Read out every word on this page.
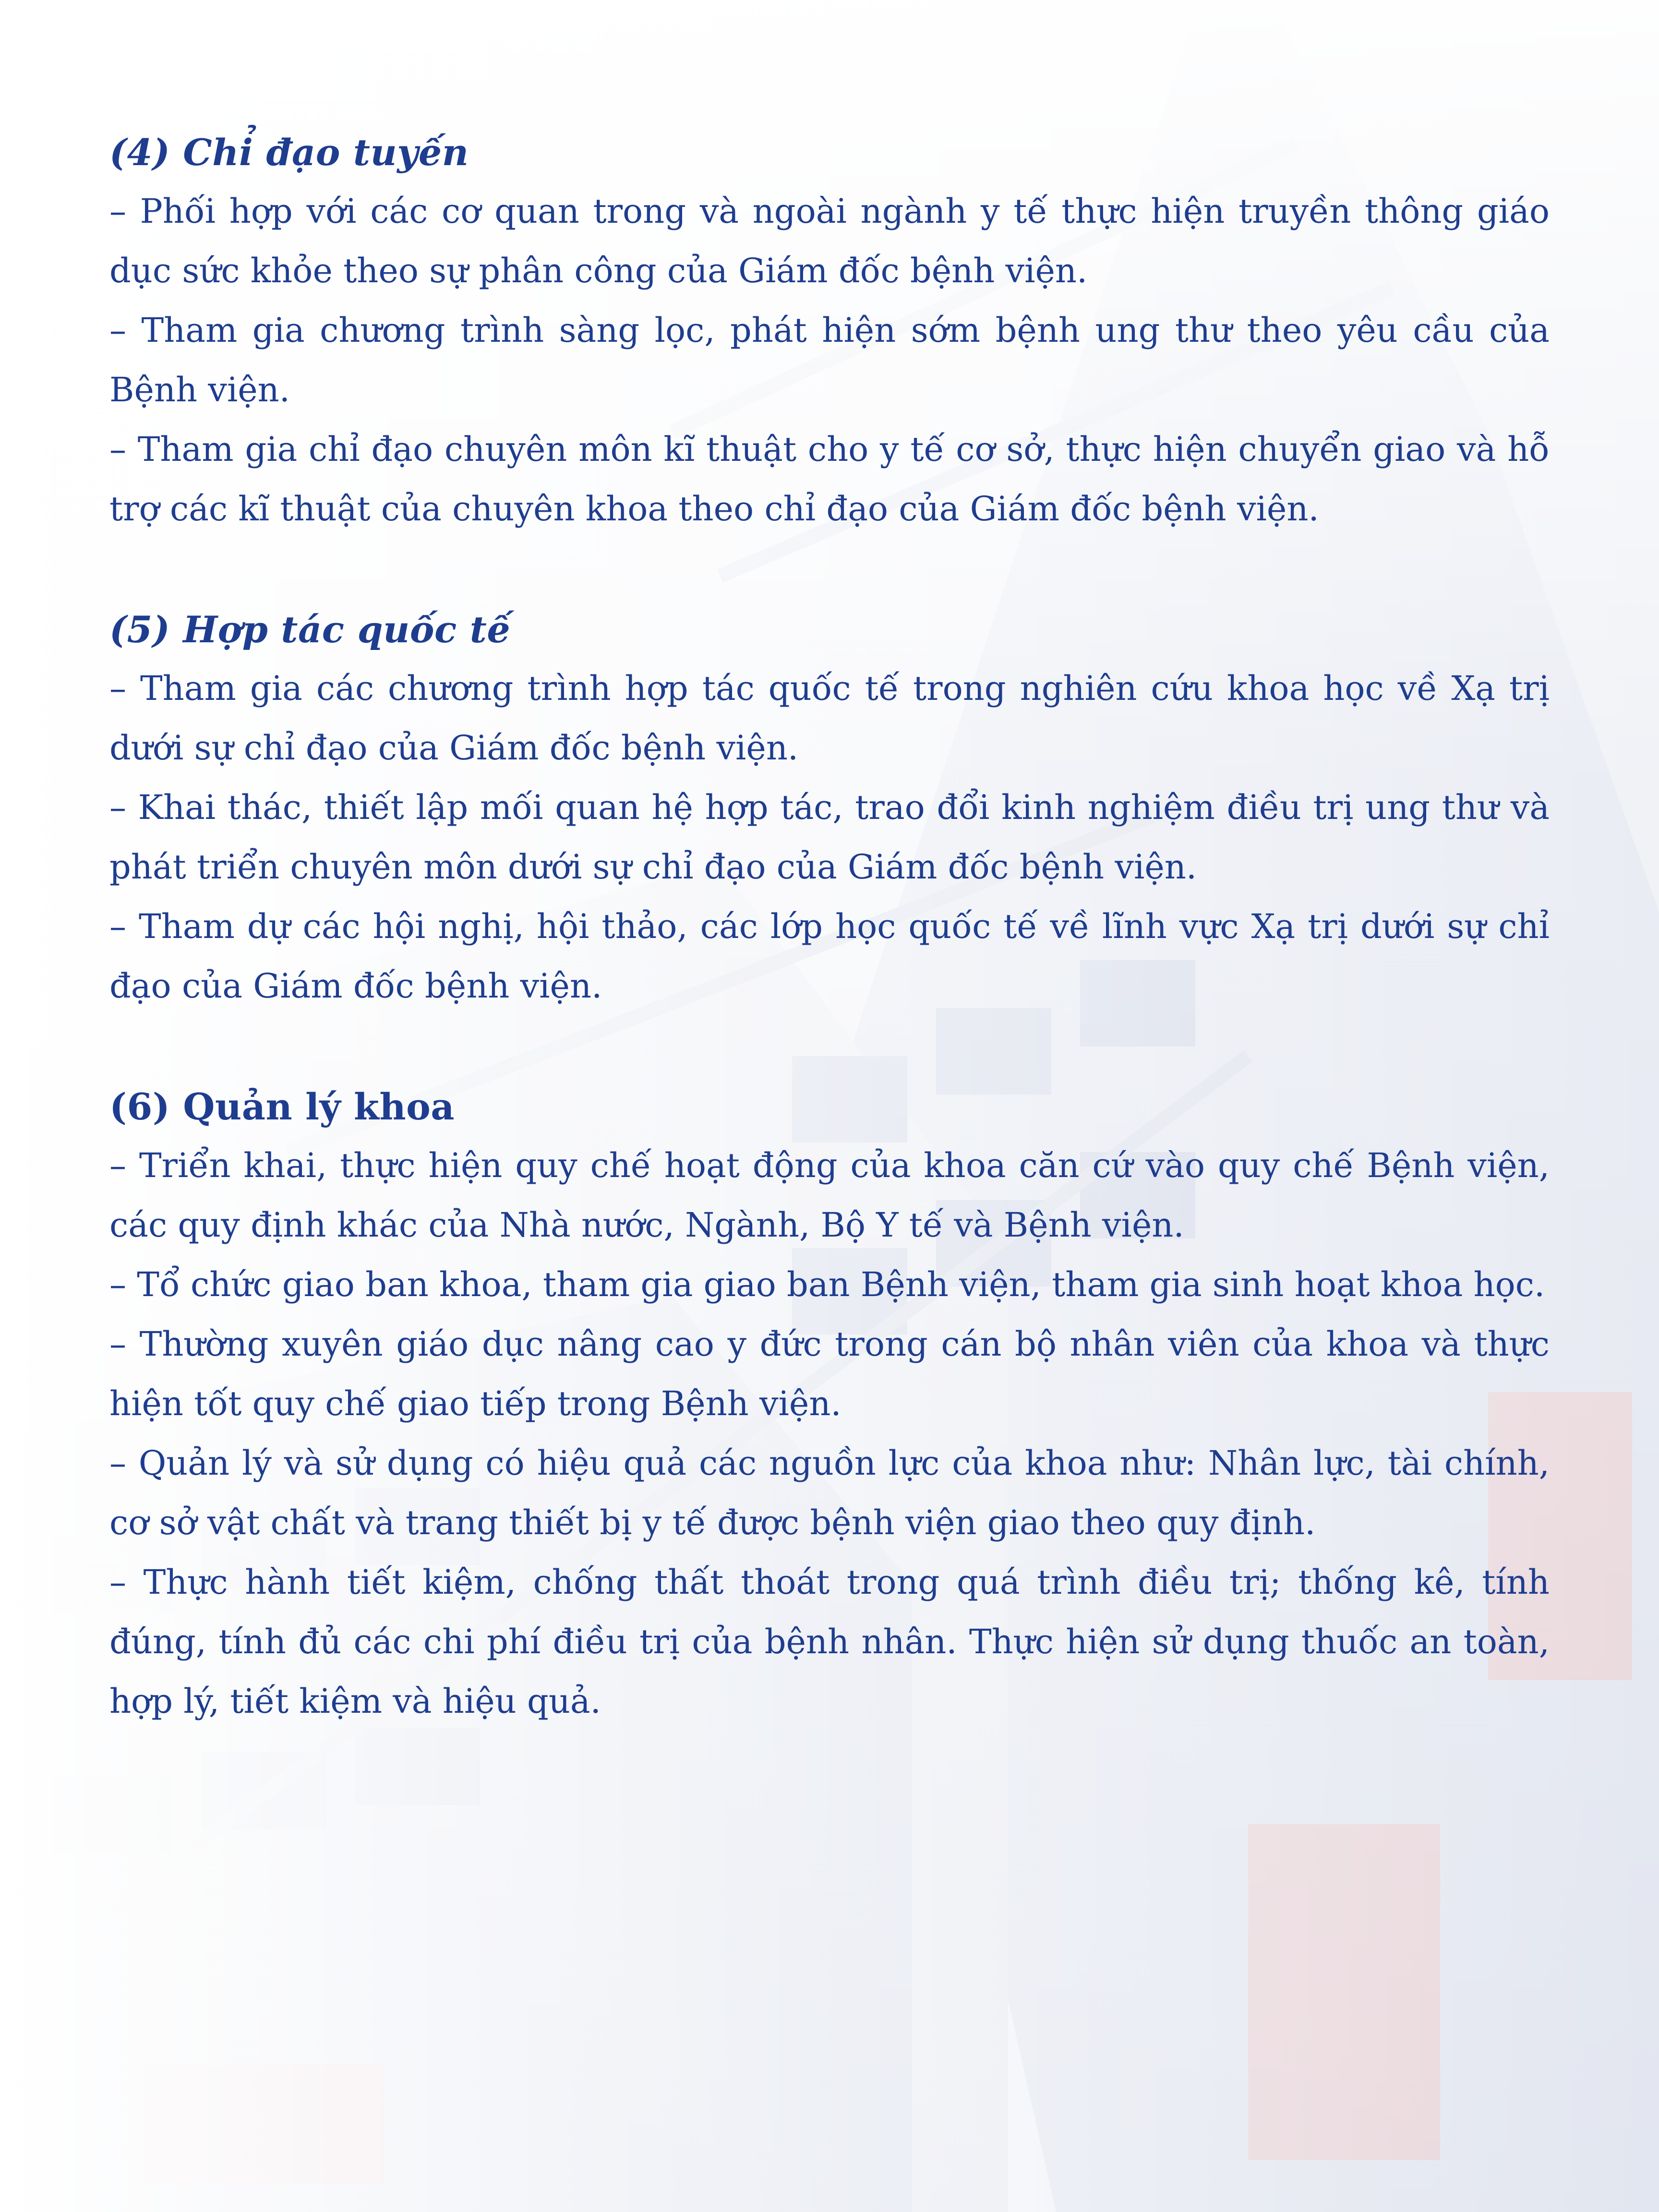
(4) Chỉ đạo tuyến

– Phối hợp với các cơ quan trong và ngoài ngành y tế thực hiện truyền thông giáo dục sức khỏe theo sự phân công của Giám đốc bệnh viện.

– Tham gia chương trình sàng lọc, phát hiện sớm bệnh ung thư theo yêu cầu của Bệnh viện.

– Tham gia chỉ đạo chuyên môn kĩ thuật cho y tế cơ sở, thực hiện chuyển giao và hỗ trợ các kĩ thuật của chuyên khoa theo chỉ đạo của Giám đốc bệnh viện.

(5) Hợp tác quốc tế

– Tham gia các chương trình hợp tác quốc tế trong nghiên cứu khoa học về Xạ trị dưới sự chỉ đạo của Giám đốc bệnh viện.

– Khai thác, thiết lập mối quan hệ hợp tác, trao đổi kinh nghiệm điều trị ung thư và phát triển chuyên môn dưới sự chỉ đạo của Giám đốc bệnh viện.

– Tham dự các hội nghị, hội thảo, các lớp học quốc tế về lĩnh vực Xạ trị dưới sự chỉ đạo của Giám đốc bệnh viện.

(6) Quản lý khoa

– Triển khai, thực hiện quy chế hoạt động của khoa căn cứ vào quy chế Bệnh viện, các quy định khác của Nhà nước, Ngành, Bộ Y tế và Bệnh viện.

– Tổ chức giao ban khoa, tham gia giao ban Bệnh viện, tham gia sinh hoạt khoa học.

– Thường xuyên giáo dục nâng cao y đức trong cán bộ nhân viên của khoa và thực hiện tốt quy chế giao tiếp trong Bệnh viện.

– Quản lý và sử dụng có hiệu quả các nguồn lực của khoa như: Nhân lực, tài chính, cơ sở vật chất và trang thiết bị y tế được bệnh viện giao theo quy định.

– Thực hành tiết kiệm, chống thất thoát trong quá trình điều trị; thống kê, tính đúng, tính đủ các chi phí điều trị của bệnh nhân. Thực hiện sử dụng thuốc an toàn, hợp lý, tiết kiệm và hiệu quả.
